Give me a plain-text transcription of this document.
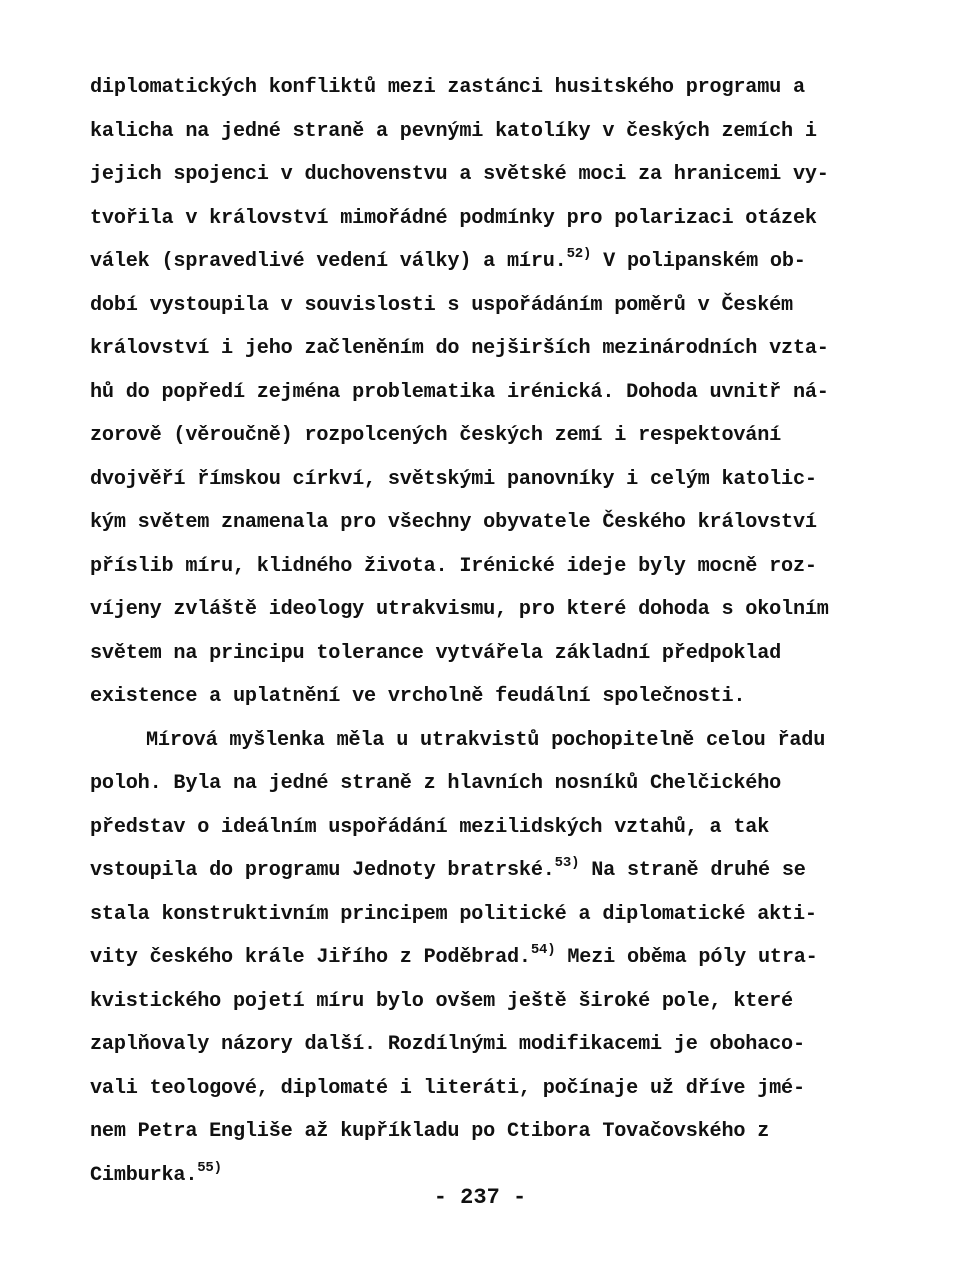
diplomatických konfliktů mezi zastánci husitského programu a
kalicha na jedné straně a pevnými katolíky v českých zemích i
jejich spojenci v duchovenstvu a světské moci za hranicemi vy-
tvořila v království mimořádné podmínky pro polarizaci otázek
válek (spravedlivé vedení války) a míru.$^{52)}$ V polipanském ob-
dobí vystoupila v souvislosti s uspořádáním poměrů v Českém
království i jeho začleněním do nejširších mezinárodních vzta-
hů do popředí zejména problematika irénická. Dohoda uvnitř ná-
zorově (věroučně) rozpolcených českých zemí i respektování
dvojvěří římskou církví, světskými panovníky i celým katolic-
kým světem znamenala pro všechny obyvatele Českého království
příslib míru, klidného života. Irénické ideje byly mocně roz-
víjeny zvláště ideology utrakvismu, pro které dohoda s okolním
světem na principu tolerance vytvářela základní předpoklad
existence a uplatnění ve vrcholně feudální společnosti.
Mírová myšlenka měla u utrakvistů pochopitelně celou řadu
poloh. Byla na jedné straně z hlavních nosníků Chelčického
představ o ideálním uspořádání mezilidských vztahů, a tak
vstoupila do programu Jednoty bratrské.$^{53)}$ Na straně druhé se
stala konstruktivním principem politické a diplomatické akti-
vity českého krále Jiřího z Poděbrad.$^{54)}$ Mezi oběma póly utra-
kvistického pojetí míru bylo ovšem ještě široké pole, které
zaplňovaly názory další. Rozdílnými modifikacemi je obohaco-
vali teologové, diplomaté i literáti, počínaje už dříve jmé-
nem Petra Engliše až kupříkladu po Ctibora Tovačovského z
Cimburka.$^{55)}$
- 237 -
